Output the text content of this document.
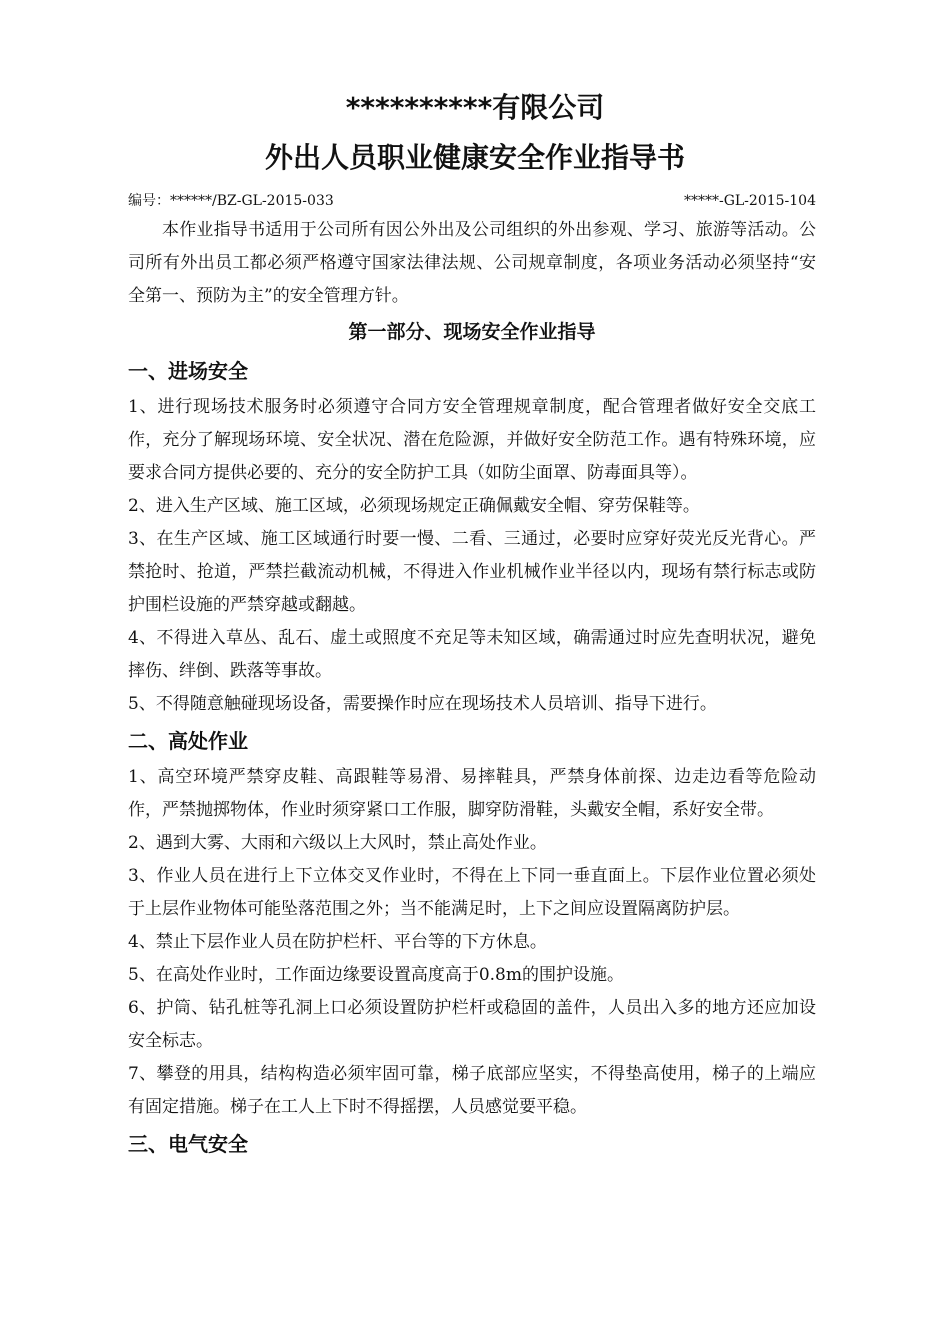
**********有限公司
外出人员职业健康安全作业指导书
编号：******/BZ-GL-2015-033	*****-GL-2015-104

本作业指导书适用于公司所有因公外出及公司组织的外出参观、学习、旅游等活动。公司所有外出员工都必须严格遵守国家法律法规、公司规章制度，各项业务活动必须坚持“安全第一、预防为主”的安全管理方针。

第一部分、现场安全作业指导

一、进场安全

1、进行现场技术服务时必须遵守合同方安全管理规章制度，配合管理者做好安全交底工作，充分了解现场环境、安全状况、潜在危险源，并做好安全防范工作。遇有特殊环境，应要求合同方提供必要的、充分的安全防护工具（如防尘面罩、防毒面具等）。

2、进入生产区域、施工区域，必须现场规定正确佩戴安全帽、穿劳保鞋等。

3、在生产区域、施工区域通行时要一慢、二看、三通过，必要时应穿好荧光反光背心。严禁抢时、抢道，严禁拦截流动机械，不得进入作业机械作业半径以内，现场有禁行标志或防护围栏设施的严禁穿越或翻越。

4、不得进入草丛、乱石、虚土或照度不充足等未知区域，确需通过时应先查明状况，避免摔伤、绊倒、跌落等事故。

5、不得随意触碰现场设备，需要操作时应在现场技术人员培训、指导下进行。

二、高处作业

1、高空环境严禁穿皮鞋、高跟鞋等易滑、易摔鞋具，严禁身体前探、边走边看等危险动作，严禁抛掷物体，作业时须穿紧口工作服，脚穿防滑鞋，头戴安全帽，系好安全带。

2、遇到大雾、大雨和六级以上大风时，禁止高处作业。

3、作业人员在进行上下立体交叉作业时，不得在上下同一垂直面上。下层作业位置必须处于上层作业物体可能坠落范围之外；当不能满足时，上下之间应设置隔离防护层。

4、禁止下层作业人员在防护栏杆、平台等的下方休息。

5、在高处作业时，工作面边缘要设置高度高于0.8m的围护设施。

6、护筒、钻孔桩等孔洞上口必须设置防护栏杆或稳固的盖件，人员出入多的地方还应加设安全标志。

7、攀登的用具，结构构造必须牢固可靠，梯子底部应坚实，不得垫高使用，梯子的上端应有固定措施。梯子在工人上下时不得摇摆，人员感觉要平稳。

三、电气安全
